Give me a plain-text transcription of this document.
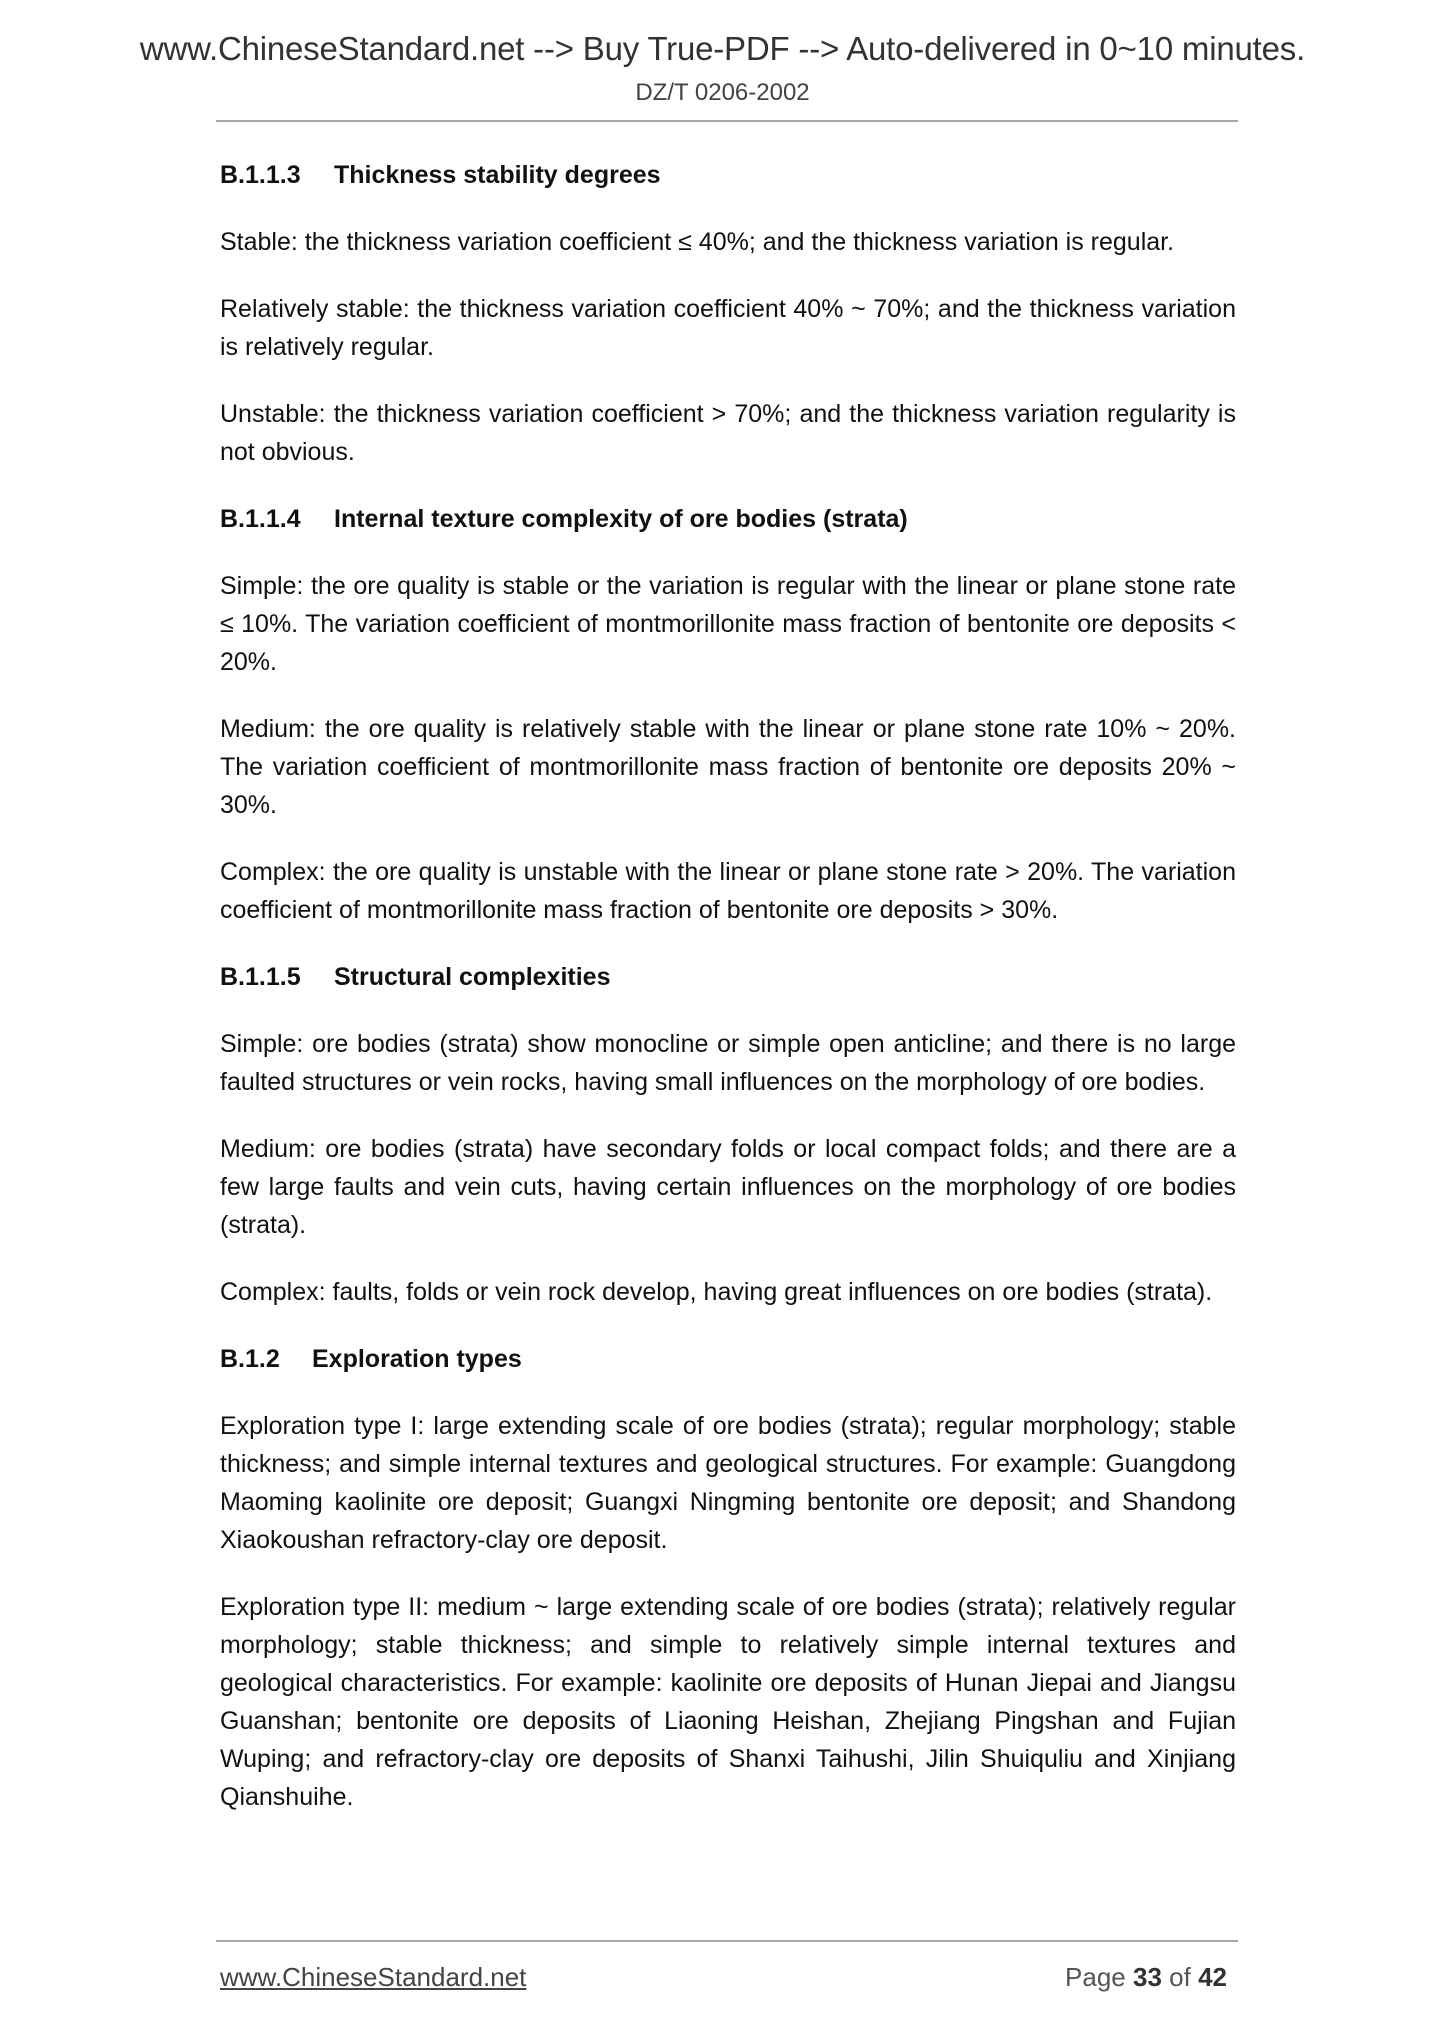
www.ChineseStandard.net --> Buy True-PDF --> Auto-delivered in 0~10 minutes.
DZ/T 0206-2002
B.1.1.3 Thickness stability degrees

Stable: the thickness variation coefficient ≤ 40%; and the thickness variation is regular.

Relatively stable: the thickness variation coefficient 40% ~ 70%; and the thickness variation is relatively regular.

Unstable: the thickness variation coefficient > 70%; and the thickness variation regularity is not obvious.

B.1.1.4 Internal texture complexity of ore bodies (strata)

Simple: the ore quality is stable or the variation is regular with the linear or plane stone rate ≤ 10%. The variation coefficient of montmorillonite mass fraction of bentonite ore deposits < 20%.

Medium: the ore quality is relatively stable with the linear or plane stone rate 10% ~ 20%. The variation coefficient of montmorillonite mass fraction of bentonite ore deposits 20% ~ 30%.

Complex: the ore quality is unstable with the linear or plane stone rate > 20%. The variation coefficient of montmorillonite mass fraction of bentonite ore deposits > 30%.

B.1.1.5 Structural complexities

Simple: ore bodies (strata) show monocline or simple open anticline; and there is no large faulted structures or vein rocks, having small influences on the morphology of ore bodies.

Medium: ore bodies (strata) have secondary folds or local compact folds; and there are a few large faults and vein cuts, having certain influences on the morphology of ore bodies (strata).

Complex: faults, folds or vein rock develop, having great influences on ore bodies (strata).

B.1.2 Exploration types

Exploration type I: large extending scale of ore bodies (strata); regular morphology; stable thickness; and simple internal textures and geological structures. For example: Guangdong Maoming kaolinite ore deposit; Guangxi Ningming bentonite ore deposit; and Shandong Xiaokoushan refractory-clay ore deposit.

Exploration type II: medium ~ large extending scale of ore bodies (strata); relatively regular morphology; stable thickness; and simple to relatively simple internal textures and geological characteristics. For example: kaolinite ore deposits of Hunan Jiepai and Jiangsu Guanshan; bentonite ore deposits of Liaoning Heishan, Zhejiang Pingshan and Fujian Wuping; and refractory-clay ore deposits of Shanxi Taihushi, Jilin Shuiquliu and Xinjiang Qianshuihe.

www.ChineseStandard.net	Page 33 of 42
